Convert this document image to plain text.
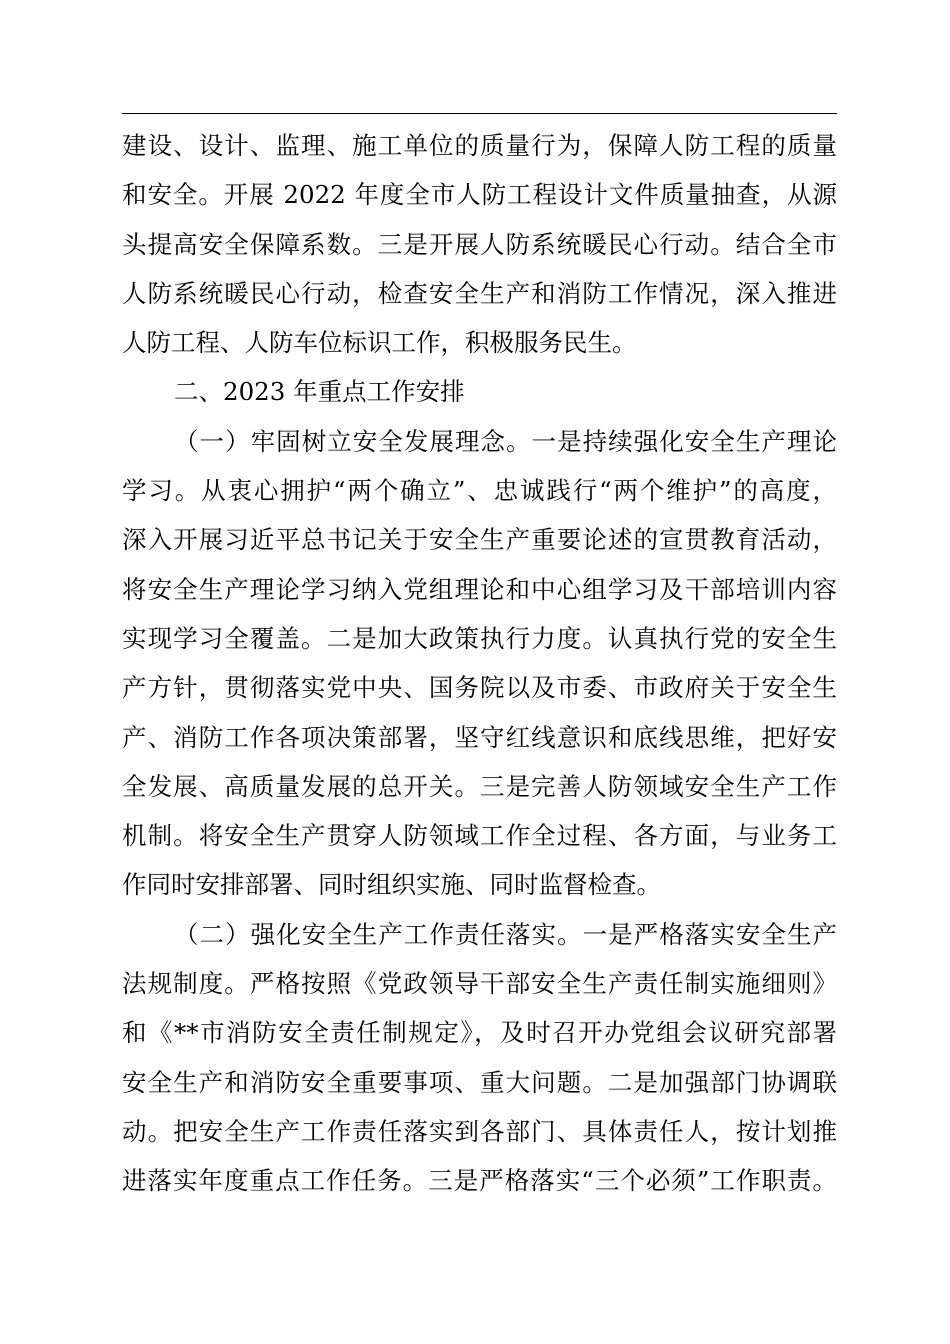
建设、设计、监理、施工单位的质量行为，保障人防工程的质量
和安全。开展 2022 年度全市人防工程设计文件质量抽查，从源
头提高安全保障系数。三是开展人防系统暖民心行动。结合全市
人防系统暖民心行动，检查安全生产和消防工作情况，深入推进
人防工程、人防车位标识工作，积极服务民生。
二、2023 年重点工作安排
（一）牢固树立安全发展理念。一是持续强化安全生产理论
学习。从衷心拥护“两个确立”、忠诚践行“两个维护”的高度，
深入开展习近平总书记关于安全生产重要论述的宣贯教育活动，
将安全生产理论学习纳入党组理论和中心组学习及干部培训内容
实现学习全覆盖。二是加大政策执行力度。认真执行党的安全生
产方针，贯彻落实党中央、国务院以及市委、市政府关于安全生
产、消防工作各项决策部署，坚守红线意识和底线思维，把好安
全发展、高质量发展的总开关。三是完善人防领域安全生产工作
机制。将安全生产贯穿人防领域工作全过程、各方面，与业务工
作同时安排部署、同时组织实施、同时监督检查。
（二）强化安全生产工作责任落实。一是严格落实安全生产
法规制度。严格按照《党政领导干部安全生产责任制实施细则》
和《**市消防安全责任制规定》，及时召开办党组会议研究部署
安全生产和消防安全重要事项、重大问题。二是加强部门协调联
动。把安全生产工作责任落实到各部门、具体责任人，按计划推
进落实年度重点工作任务。三是严格落实“三个必须”工作职责。
